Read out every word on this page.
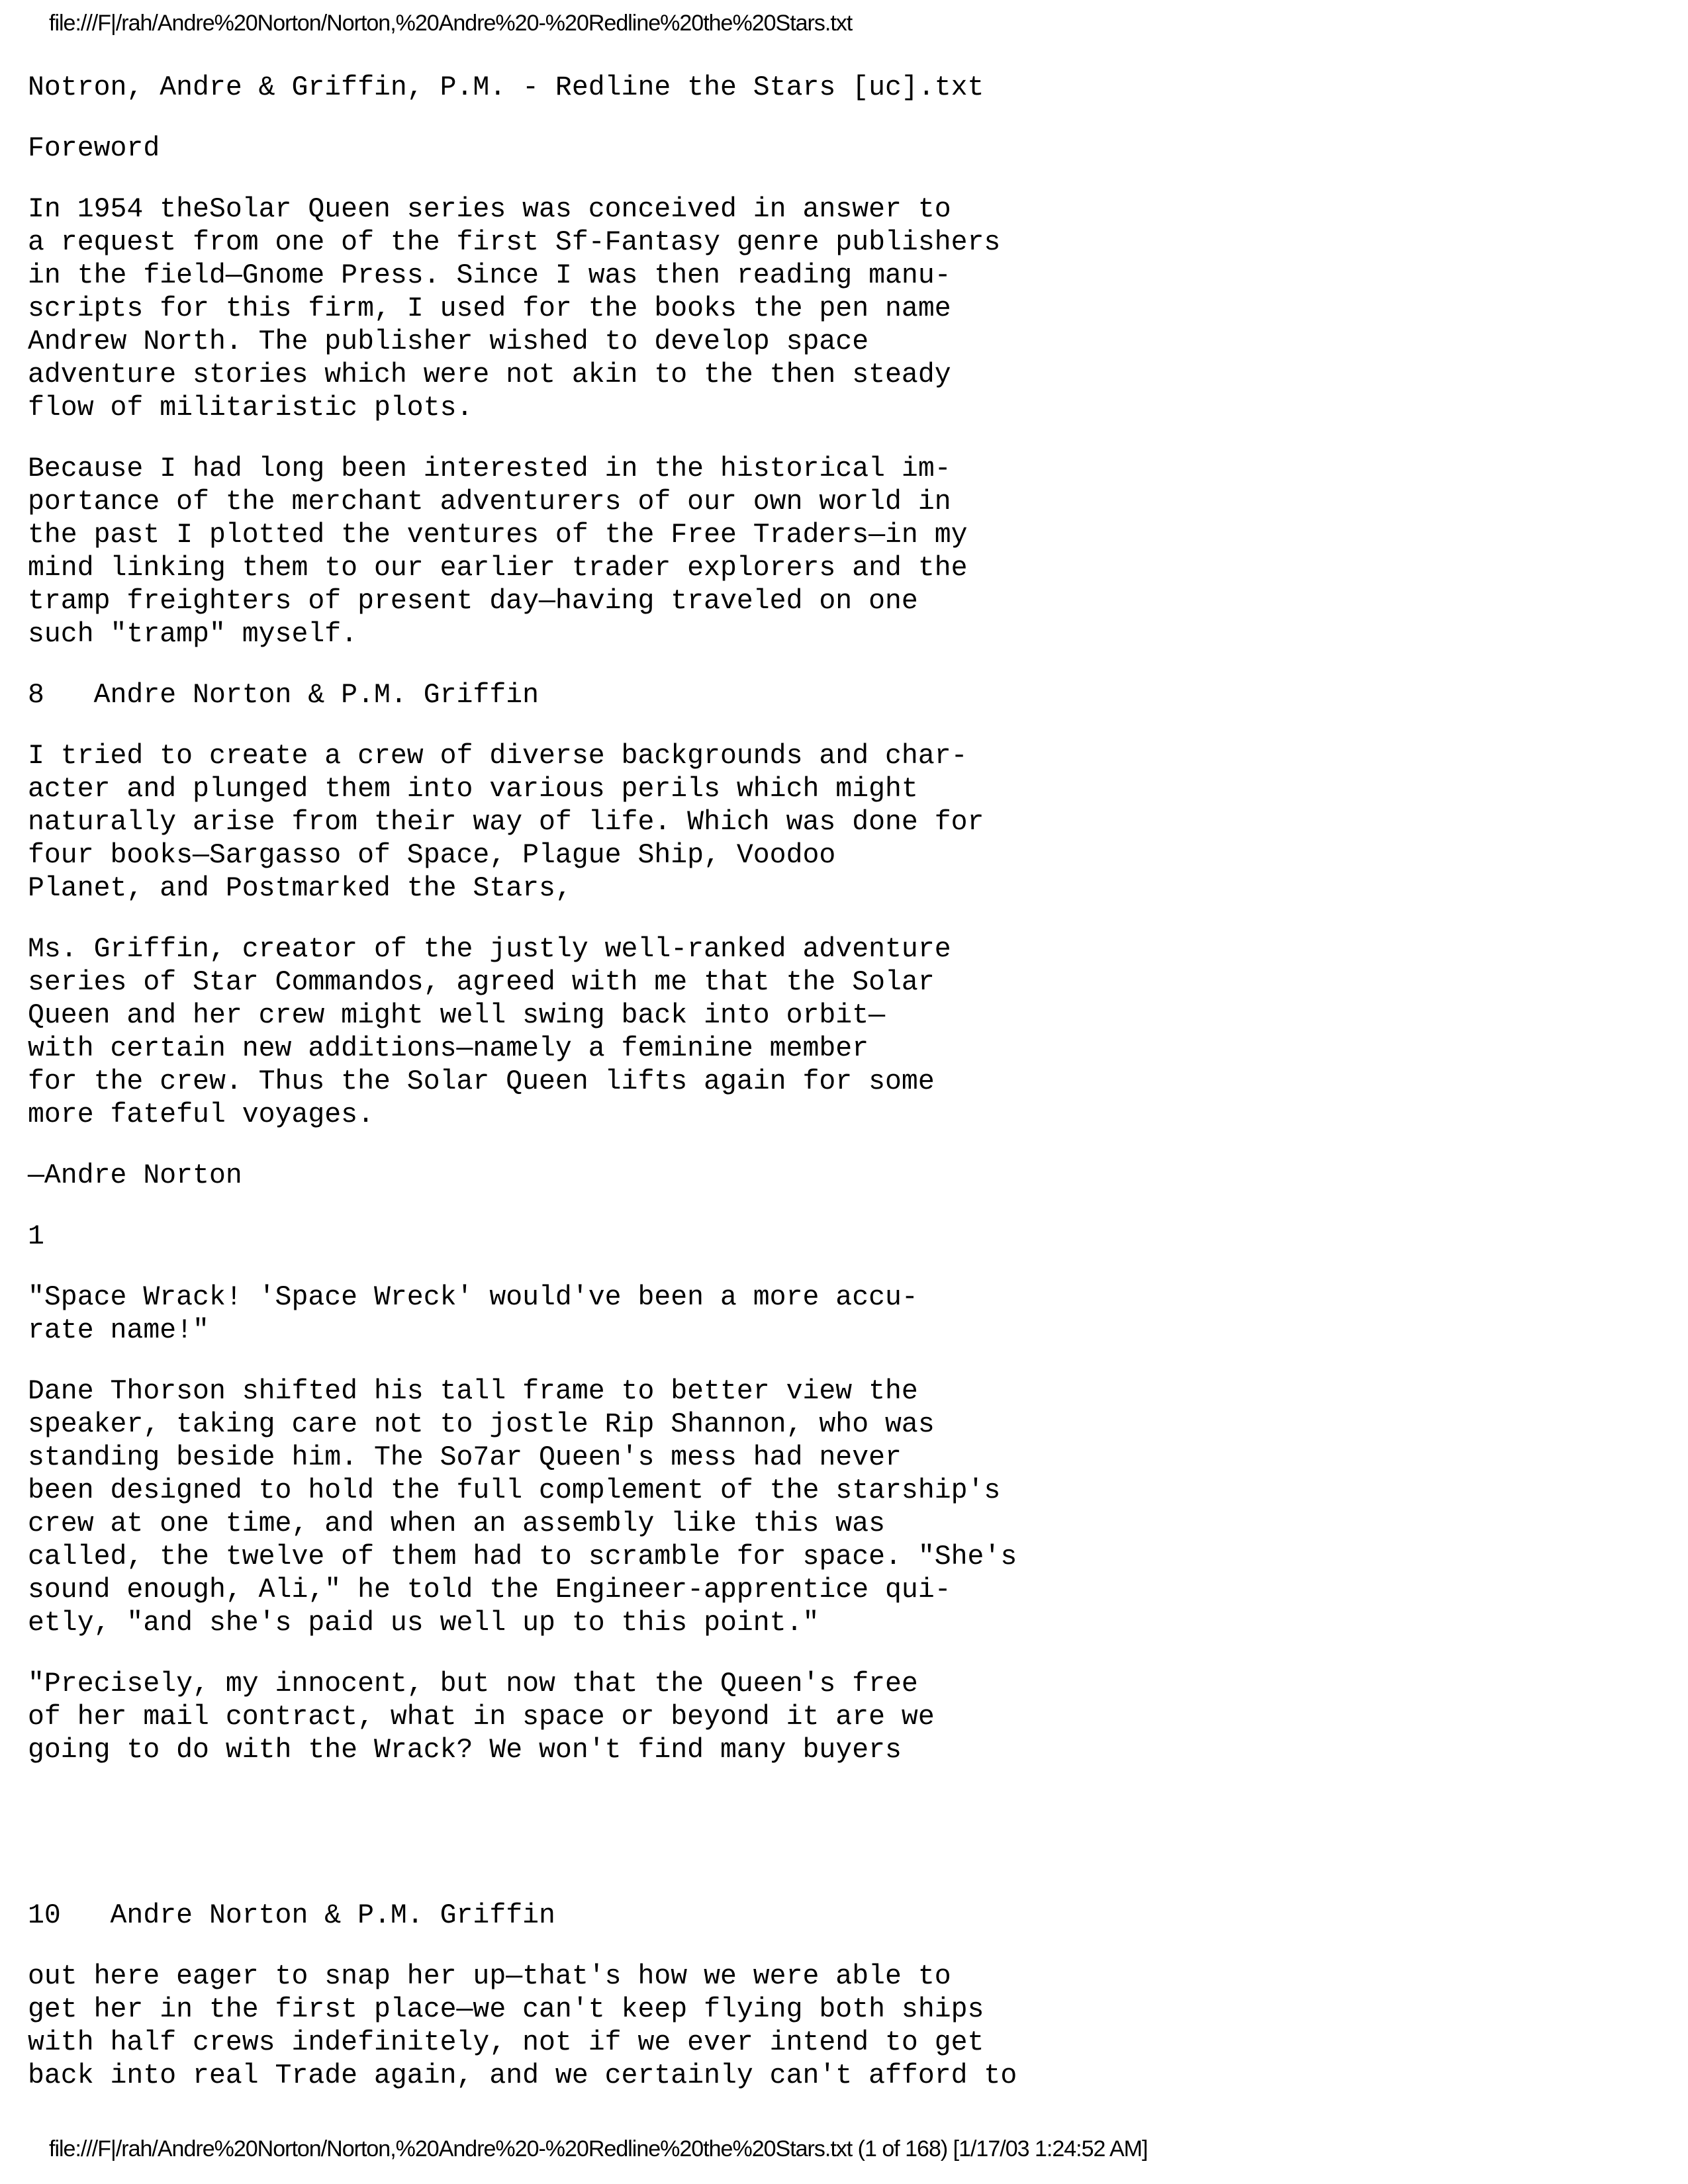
file:///F|/rah/Andre%20Norton/Norton,%20Andre%20-%20Redline%20the%20Stars.txt
Notron, Andre & Griffin, P.M. - Redline the Stars [uc].txt
Foreword
In 1954 theSolar Queen series was conceived in answer to
a request from one of the first Sf-Fantasy genre publishers
in the field—Gnome Press. Since I was then reading manu-
scripts for this firm, I used for the books the pen name
Andrew North. The publisher wished to develop space
adventure stories which were not akin to the then steady
flow of militaristic plots.
Because I had long been interested in the historical im-
portance of the merchant adventurers of our own world in
the past I plotted the ventures of the Free Traders—in my
mind linking them to our earlier trader explorers and the
tramp freighters of present day—having traveled on one
such "tramp" myself.
8   Andre Norton & P.M. Griffin
I tried to create a crew of diverse backgrounds and char-
acter and plunged them into various perils which might
naturally arise from their way of life. Which was done for
four books—Sargasso of Space, Plague Ship, Voodoo
Planet, and Postmarked the Stars,
Ms. Griffin, creator of the justly well-ranked adventure
series of Star Commandos, agreed with me that the Solar
Queen and her crew might well swing back into orbit—
with certain new additions—namely a feminine member
for the crew. Thus the Solar Queen lifts again for some
more fateful voyages.
—Andre Norton
1
"Space Wrack! 'Space Wreck' would've been a more accu-
rate name!"
Dane Thorson shifted his tall frame to better view the
speaker, taking care not to jostle Rip Shannon, who was
standing beside him. The So7ar Queen's mess had never
been designed to hold the full complement of the starship's
crew at one time, and when an assembly like this was
called, the twelve of them had to scramble for space. "She's
sound enough, Ali," he told the Engineer-apprentice qui-
etly, "and she's paid us well up to this point."
"Precisely, my innocent, but now that the Queen's free
of her mail contract, what in space or beyond it are we
going to do with the Wrack? We won't find many buyers
10   Andre Norton & P.M. Griffin
out here eager to snap her up—that's how we were able to
get her in the first place—we can't keep flying both ships
with half crews indefinitely, not if we ever intend to get
back into real Trade again, and we certainly can't afford to
file:///F|/rah/Andre%20Norton/Norton,%20Andre%20-%20Redline%20the%20Stars.txt (1 of 168) [1/17/03 1:24:52 AM]
